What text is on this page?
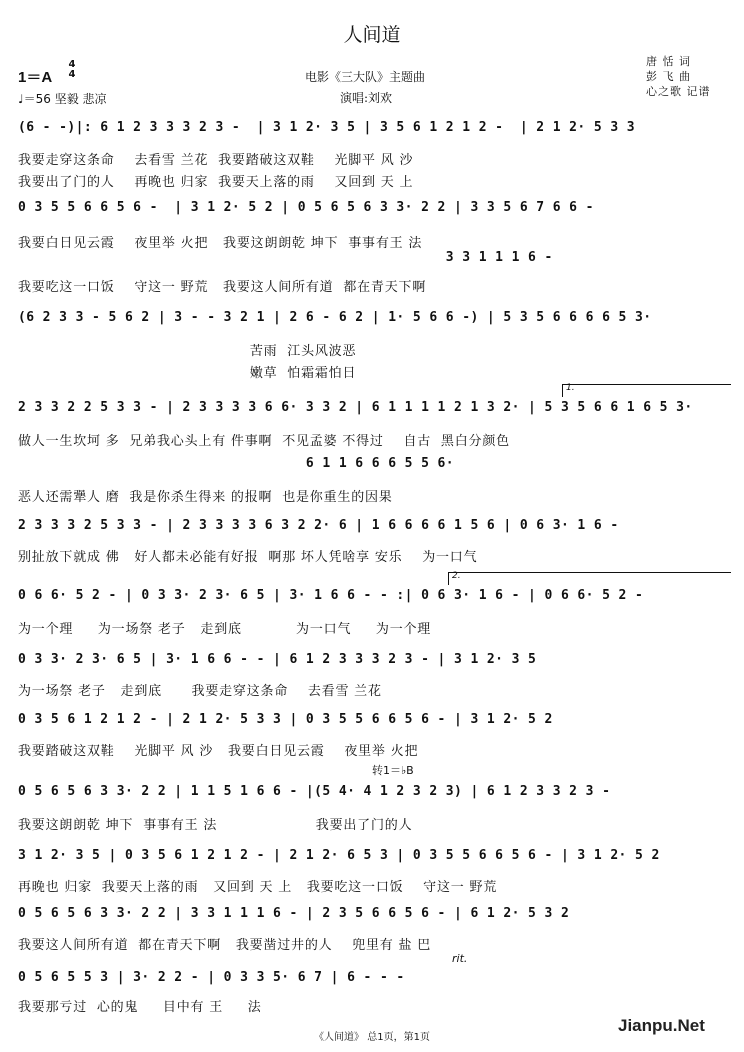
人间道
电影《三大队》主题曲
演唱:刘欢
1＝A
4
4
♩＝56 坚毅 悲凉
唐 恬 词
彭 飞 曲
心之歌 记谱
(6 - -)|: 6 1 2 3 3 3 2 3 -  | 3 1 2· 3 5 | 3 5 6 1 2 1 2 -  | 2 1 2· 5 3 3
我要走穿这条命    去看雪 兰花  我要踏破这双鞋    光脚平 风 沙
我要出了门的人    再晚也 归家  我要天上落的雨    又回到 天 上
0 3 5 5 6 6 5 6 -  | 3 1 2· 5 2 | 0 5 6 5 6 3 3· 2 2 | 3 3 5 6 7 6 6 -
我要白日见云霞    夜里举 火把   我要这朗朗乾 坤下  事事有王 法
3 3 1 1 1 6 -
我要吃这一口饭    守这一 野荒   我要这人间所有道  都在青天下啊
(6 2 3 3 - 5 6 2 | 3 - - 3 2 1 | 2 6 - 6 2 | 1· 5 6 6 -) | 5 3 5 6 6 6 6 5 3·
苦雨  江头风波恶
嫩草  怕霜霜怕日
1.
2 3 3 2 2 5 3 3 - | 2 3 3 3 3 6 6· 3 3 2 | 6 1 1 1 1 2 1 3 2· | 5 3 5 6 6 1 6 5 3·
做人一生坎坷 多  兄弟我心头上有 件事啊  不见孟婆 不得过    自古  黑白分颜色
6 1 1 6 6 6 5 5 6·
恶人还需犟人 磨  我是你杀生得来 的报啊  也是你重生的因果
2 3 3 3 2 5 3 3 - | 2 3 3 3 3 6 3 2 2· 6 | 1 6 6 6 6 1 5 6 | 0 6 3· 1 6 -
别扯放下就成 佛   好人都未必能有好报  啊那 坏人凭啥享 安乐    为一口气
2.
0 6 6· 5 2 - | 0 3 3· 2 3· 6 5 | 3· 1 6 6 - - :| 0 6 3· 1 6 - | 0 6 6· 5 2 -
为一个理     为一场祭 老子   走到底           为一口气     为一个理
0 3 3· 2 3· 6 5 | 3· 1 6 6 - - | 6 1 2 3 3 3 2 3 - | 3 1 2· 3 5
为一场祭 老子   走到底      我要走穿这条命    去看雪 兰花
0 3 5 6 1 2 1 2 - | 2 1 2· 5 3 3 | 0 3 5 5 6 6 5 6 - | 3 1 2· 5 2
我要踏破这双鞋    光脚平 风 沙   我要白日见云霞    夜里举 火把
转1＝♭B
0 5 6 5 6 3 3· 2 2 | 1 1 5 1 6 6 - |(5 4· 4 1 2 3 2 3) | 6 1 2 3 3 2 3 -
我要这朗朗乾 坤下  事事有王 法                    我要出了门的人
3 1 2· 3 5 | 0 3 5 6 1 2 1 2 - | 2 1 2· 6 5 3 | 0 3 5 5 6 6 5 6 - | 3 1 2· 5 2
再晚也 归家  我要天上落的雨   又回到 天 上   我要吃这一口饭    守这一 野荒
0 5 6 5 6 3 3· 2 2 | 3 3 1 1 1 6 - | 2 3 5 6 6 5 6 - | 6 1 2· 5 3 2
我要这人间所有道  都在青天下啊   我要凿过井的人    兜里有 盐 巴
rit.
0 5 6 5 5 3 | 3· 2 2 - | 0 3 3 5· 6 7 | 6 - - -
我要那亏过  心的鬼     目中有 王     法
《人间道》 总1页，第1页
Jianpu.Net
